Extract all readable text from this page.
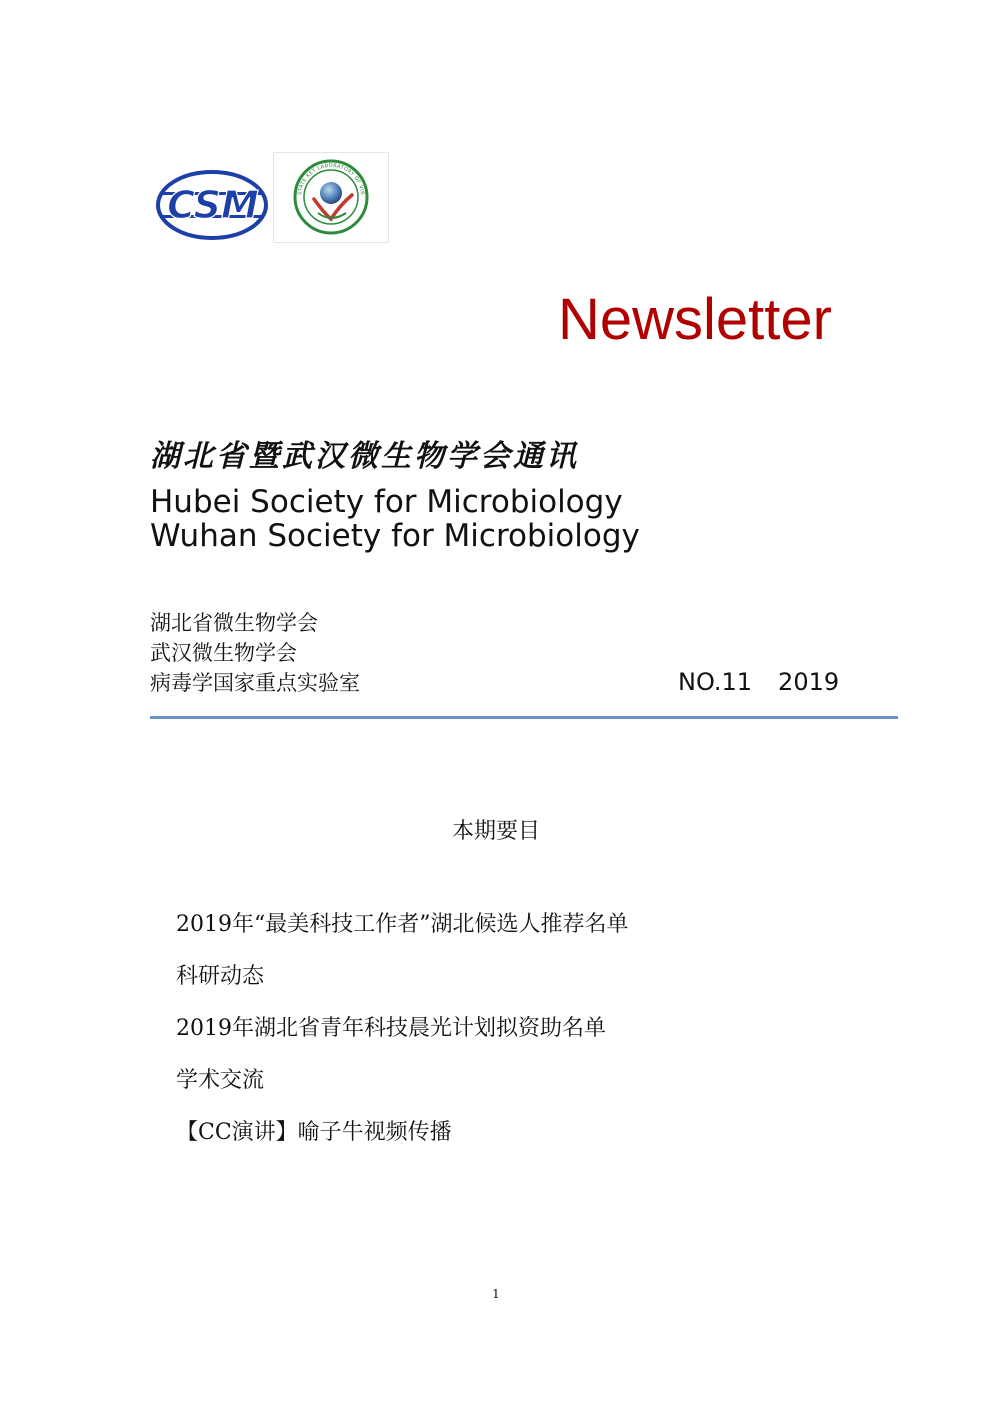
CSM	STATE KEY LABORATORY OF VIR
Newsletter
湖北省暨武汉微生物学会通讯
Hubei Society for Microbiology
Wuhan Society for Microbiology
湖北省微生物学会
武汉微生物学会
病毒学国家重点实验室	NO.11 2019
本期要目
2019年“最美科技工作者”湖北候选人推荐名单
科研动态
2019年湖北省青年科技晨光计划拟资助名单
学术交流
【CC演讲】喻子牛视频传播
1
